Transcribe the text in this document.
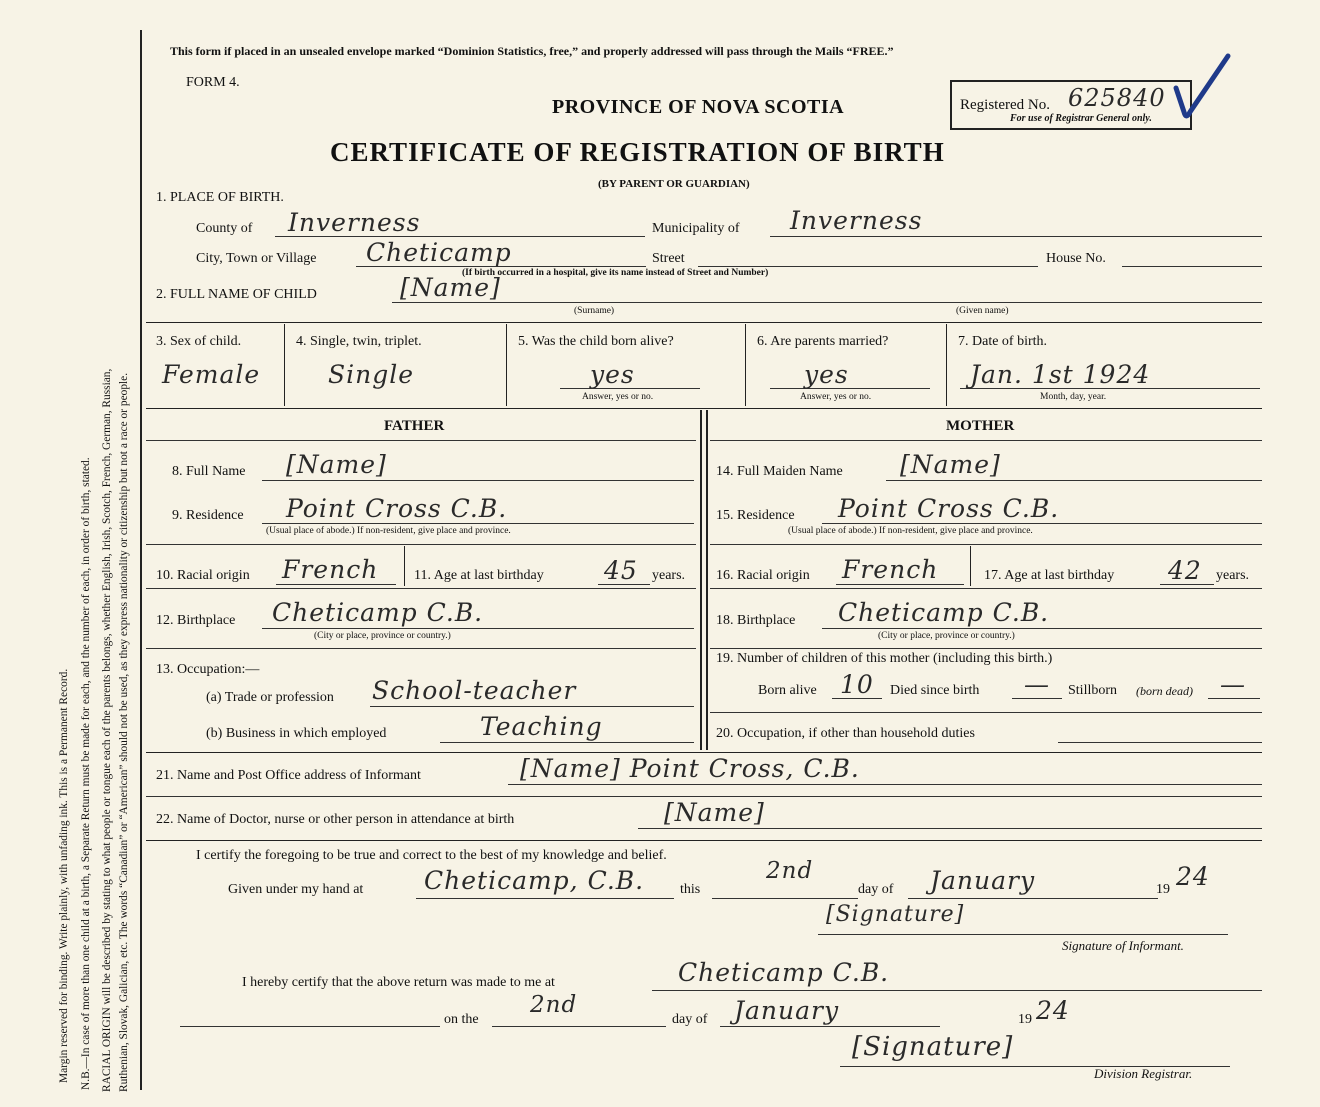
Margin reserved for binding. Write plainly, with unfading ink. This is a Permanent Record. N.B.—In case of more than one child at a birth, a Separate Return must be made for each, and the number of each, in order of birth, stated. RACIAL ORIGIN will be described by stating to what people or tongue each of the parents belongs, whether English, Irish, Scotch, French, German, Russian, Ruthenian, Slovak, Galician, etc. The words “Canadian” or “American” should not be used, as they express nationality or citizenship but not a race or people.
This form if placed in an unsealed envelope marked “Dominion Statistics, free,” and properly addressed will pass through the Mails “FREE.”
FORM 4.
PROVINCE OF NOVA SCOTIA
CERTIFICATE OF REGISTRATION OF BIRTH
(BY PARENT OR GUARDIAN)
Registered No. 625840
For use of Registrar General only.
1. PLACE OF BIRTH.
County of Inverness	Municipality of Inverness
City, Town or Village Cheticamp	Street	House No.
(If birth occurred in a hospital, give its name instead of Street and Number)
2. FULL NAME OF CHILD	[Name]
(Surname)	(Given name)
3. Sex of child.
Female
4. Single, twin, triplet.
Single
5. Was the child born alive?
yes
Answer, yes or no.
6. Are parents married?
yes
Answer, yes or no.
7. Date of birth.
Jan. 1st 1924
Month, day, year.
FATHER	MOTHER
8. Full Name [Name]
9. Residence Point Cross C.B.
(Usual place of abode.) If non-resident, give place and province.
10. Racial origin French	11. Age at last birthday 45 years.
12. Birthplace Cheticamp C.B.
(City or place, province or country.)
13. Occupation:—
(a) Trade or profession School-teacher
(b) Business in which employed	Teaching
14. Full Maiden Name [Name]
15. Residence Point Cross C.B.
(Usual place of abode.) If non-resident, give place and province.
16. Racial origin French	17. Age at last birthday 42 years.
18. Birthplace Cheticamp C.B.
(City or place, province or country.)
19. Number of children of this mother (including this birth.)
Born alive 10 Died since birth — Stillborn (born dead) —
20. Occupation, if other than household duties
21. Name and Post Office address of Informant	[Name] Point Cross, C.B.
22. Name of Doctor, nurse or other person in attendance at birth	[Name]
I certify the foregoing to be true and correct to the best of my knowledge and belief.
Given under my hand at Cheticamp, C.B.	this
2nd
day of January	19 24
[Signature]
Signature of Informant.
I hereby certify that the above return was made to me at	Cheticamp C.B.
on the
2nd
day of January	19 24
[Signature]
Division Registrar.
